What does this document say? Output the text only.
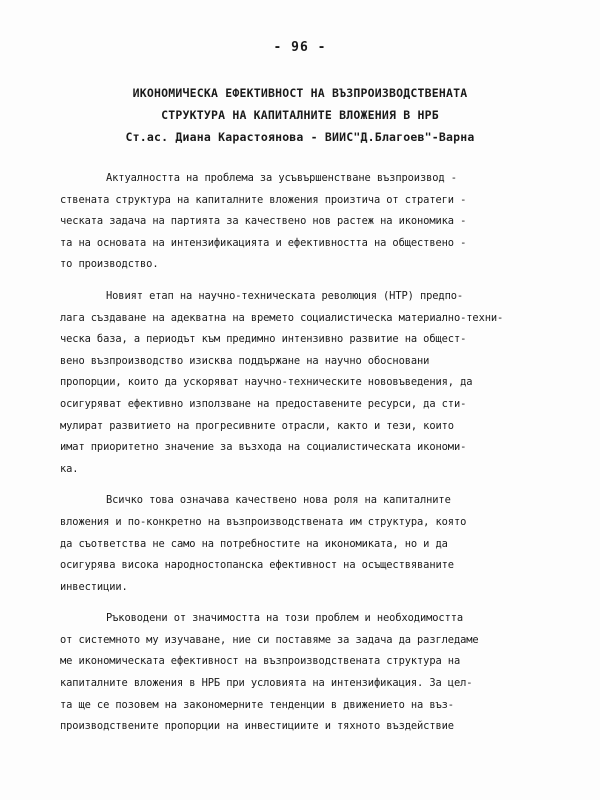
- 96 -
ИКОНОМИЧЕСКА ЕФЕКТИВНОСТ НА ВЪЗПРОИЗВОДСТВЕНАТА
СТРУКТУРА НА КАПИТАЛНИТЕ ВЛОЖЕНИЯ В НРБ
Ст.ас. Диана Карастоянова - ВИИС"Д.Благоев"-Варна
Актуалността на проблема за усъвършенстване възпроизвод -
ствената структура на капиталните вложения произтича от стратеги -
ческата задача на партията за качествено нов растеж на икономика -
та на основата на интензификацията и ефективността на обществено -
то производство.
Новият етап на научно-техническата революция (НТР) предпо-
лага създаване на адекватна на времето социалистическа материално-техни-
ческа база, а периодът към предимно интензивно развитие на общест-
вено възпроизводство изисква поддържане на научно обосновани
пропорции, които да ускоряват научно-техническите нововъведения, да
осигуряват ефективно използване на предоставените ресурси, да сти-
мулират развитието на прогресивните отрасли, както и тези, които
имат приоритетно значение за възхода на социалистическата икономи-
ка.
Всичко това означава качествено нова роля на капиталните
вложения и по-конкретно на възпроизводствената им структура, която
да съответства не само на потребностите на икономиката, но и да
осигурява висока народностопанска ефективност на осъществяваните
инвестиции.
Ръководени от значимостта на този проблем и необходимостта
от системното му изучаване, ние си поставяме за задача да разгледаме
ме икономическата ефективност на възпроизводствената структура на
капиталните вложения в НРБ при условията на интензификация. За цел-
та ще се позовем на закономерните тенденции в движението на въз-
производствените пропорции на инвестициите и тяхното въздействие
